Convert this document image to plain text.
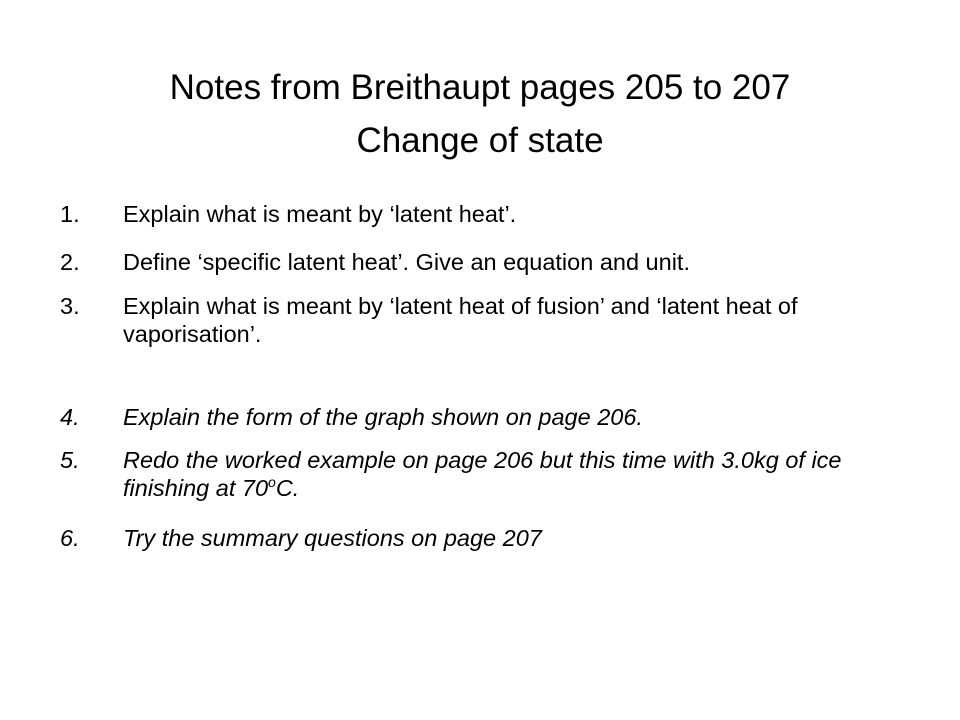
Notes from Breithaupt pages 205 to 207
Change of state
1.	Explain what is meant by ‘latent heat’.
2.	Define ‘specific latent heat’. Give an equation and unit.
3.	Explain what is meant by ‘latent heat of fusion’ and ‘latent heat of vaporisation’.
4.	Explain the form of the graph shown on page 206.
5.	Redo the worked example on page 206 but this time with 3.0kg of ice finishing at 70$^o$C.
6.	Try the summary questions on page 207
